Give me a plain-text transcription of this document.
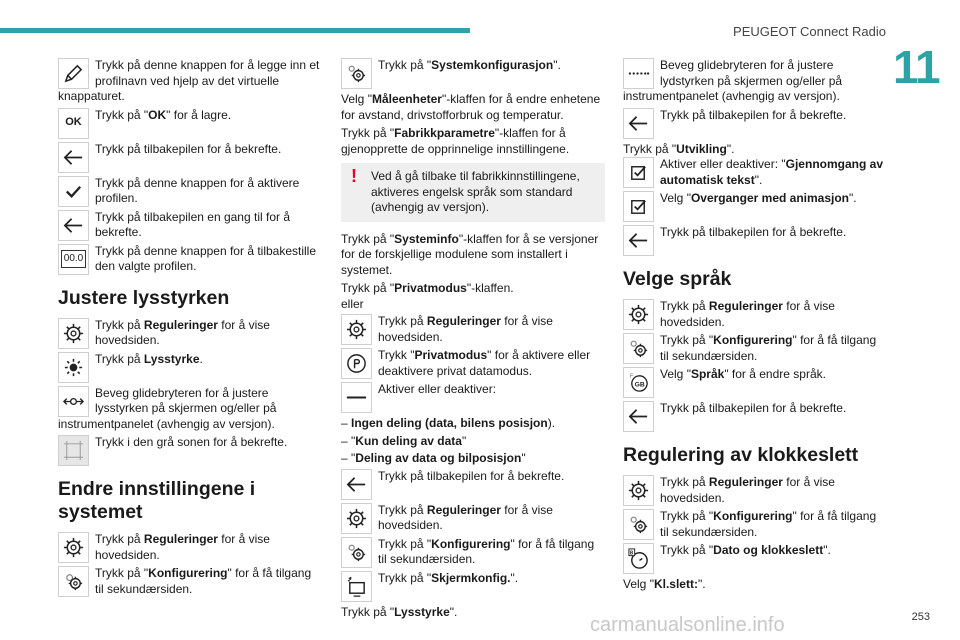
PEUGEOT Connect Radio
11
Trykk på denne knappen for å legge inn et profilnavn ved hjelp av det virtuelle knappaturet.
OK
Trykk på "OK" for å lagre.
Trykk på tilbakepilen for å bekrefte.
Trykk på denne knappen for å aktivere profilen.
Trykk på tilbakepilen en gang til for å bekrefte.
00.0
Trykk på denne knappen for å tilbakestille den valgte profilen.
Justere lysstyrken
Trykk på Reguleringer for å vise hovedsiden.
Trykk på Lysstyrke.
Beveg glidebryteren for å justere lysstyrken på skjermen og/eller på instrumentpanelet (avhengig av versjon).
Trykk i den grå sonen for å bekrefte.
Endre innstillingene i systemet
Trykk på Reguleringer for å vise hovedsiden.
Trykk på "Konfigurering" for å få tilgang til sekundærsiden.
Trykk på "Systemkonfigurasjon".

Velg "Måleenheter"-klaffen for å endre enhetene for avstand, drivstofforbruk og temperatur.

Trykk på "Fabrikkparametre"-klaffen for å gjenopprette de opprinnelige innstillingene.

! Ved å gå tilbake til fabrikkinnstillingene, aktiveres engelsk språk som standard (avhengig av versjon).

Trykk på "Systeminfo"-klaffen for å se versjoner for de forskjellige modulene som installert i systemet.

Trykk på "Privatmodus"-klaffen.

eller

Trykk på Reguleringer for å vise hovedsiden.
Trykk "Privatmodus" for å aktivere eller deaktivere privat datamodus.
Aktiver eller deaktiver:

– Ingen deling (data, bilens posisjon).

– "Kun deling av data"

– "Deling av data og bilposisjon"

Trykk på tilbakepilen for å bekrefte.
Trykk på Reguleringer for å vise hovedsiden.
Trykk på "Konfigurering" for å få tilgang til sekundærsiden.
Trykk på "Skjermkonfig.".

Trykk på "Lysstyrke".

Beveg glidebryteren for å justere lydstyrken på skjermen og/eller på instrumentpanelet (avhengig av versjon).
Trykk på tilbakepilen for å bekrefte.

Trykk på "Utvikling".

Aktiver eller deaktiver: "Gjennomgang av automatisk tekst".
Velg "Overganger med animasjon".
Trykk på tilbakepilen for å bekrefte.
Velge språk
Trykk på Reguleringer for å vise hovedsiden.
Trykk på "Konfigurering" for å få tilgang til sekundærsiden.
GB
F	Velg "Språk" for å endre språk.
Trykk på tilbakepilen for å bekrefte.
Regulering av klokkeslett
Trykk på Reguleringer for å vise hovedsiden.
Trykk på "Konfigurering" for å få tilgang til sekundærsiden.
8	Trykk på "Dato og klokkeslett".

Velg "Kl.slett:".

carmanualsonline.info	253
